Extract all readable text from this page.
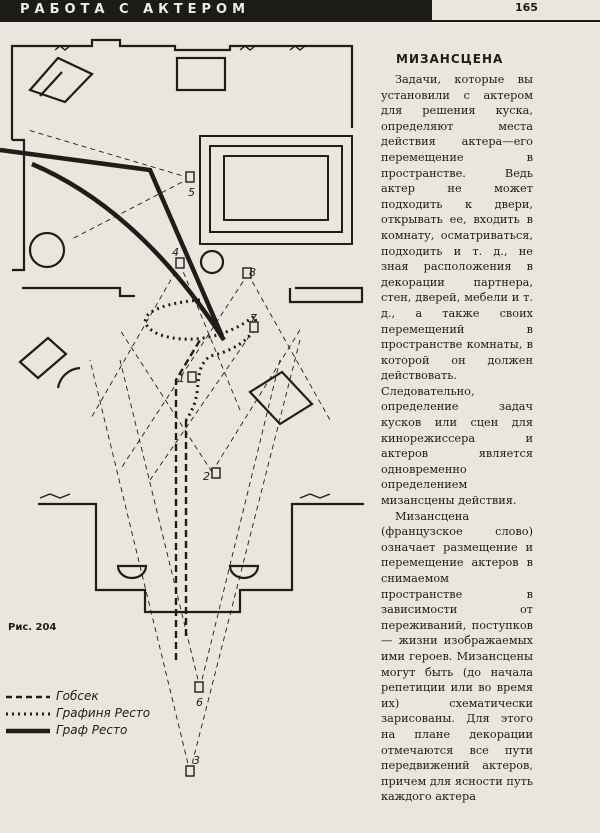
РАБОТА С АКТЕРОМ	165
5
4
8
7
1
2
6
3
МИЗАНСЦЕНА

Задачи, которые вы установили с актером для решения куска, определяют места действия актера—его перемещение в пространстве. Ведь актер не может подходить к двери, открывать ее, входить в комнату, осматриваться, подходить и т. д., не зная расположения в декорации партнера, стен, дверей, мебели и т. д., а также своих перемещений в пространстве комнаты, в которой он должен действовать. Следовательно, определение задач кусков или сцен для кинорежиссера и актеров является одновременно определением мизансцены действия.

Мизансцена (французское слово) означает размещение и перемещение актеров в снимаемом пространстве в зависимости от переживаний, поступков — жизни изображаемых ими героев. Мизансцены могут быть (до начала репетиции или во время их) схематически зарисованы. Для этого на плане декорации отмечаются все пути передвижений актеров, причем для ясности путь каждого актера

Рис. 204
Гобсек
Графиня Ресто
Граф Ресто
